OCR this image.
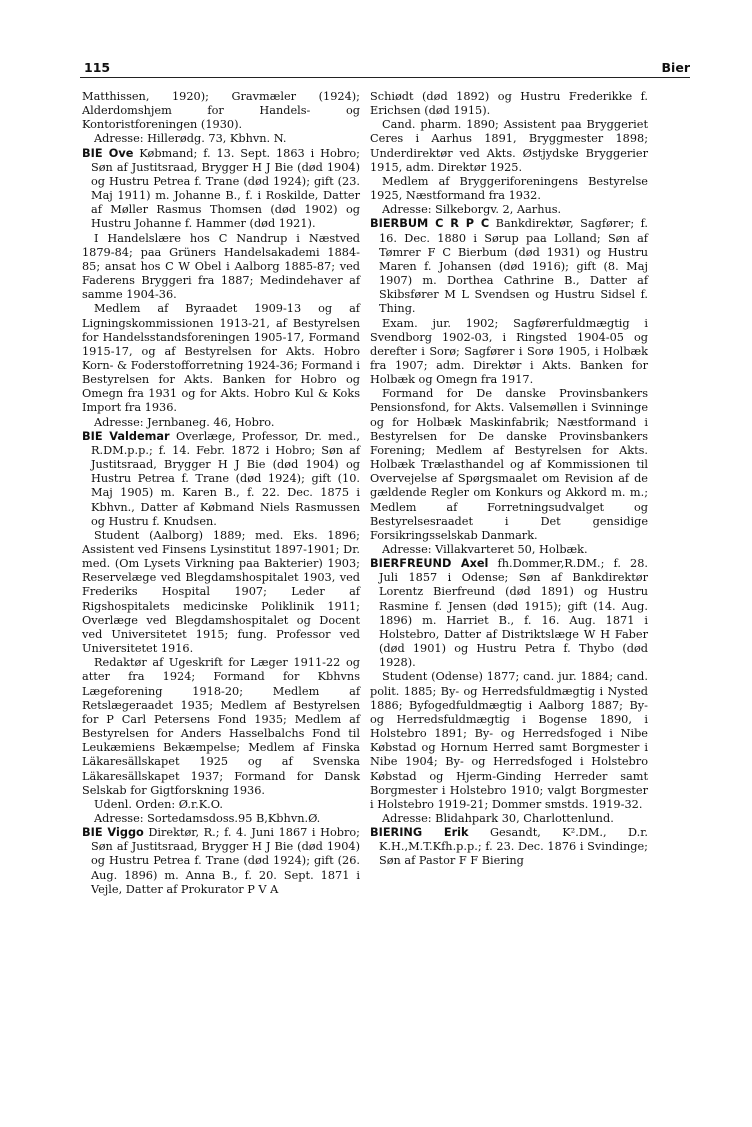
115	Bier

Matthissen, 1920); Gravmæler (1924); Alderdomshjem for Handels- og Kontoristforeningen (1930).

Adresse: Hillerødg. 73, Kbhvn. N.

BIE Ove Købmand; f. 13. Sept. 1863 i Hobro; Søn af Justitsraad, Brygger H J Bie (død 1904) og Hustru Petrea f. Trane (død 1924); gift (23. Maj 1911) m. Johanne B., f. i Roskilde, Datter af Møller Rasmus Thomsen (død 1902) og Hustru Johanne f. Hammer (død 1921).

I Handelslære hos C Nandrup i Næstved 1879-84; paa Grüners Handelsakademi 1884-85; ansat hos C W Obel i Aalborg 1885-87; ved Faderens Bryggeri fra 1887; Medindehaver af samme 1904-36.

Medlem af Byraadet 1909-13 og af Ligningskommissionen 1913-21, af Bestyrelsen for Handelsstandsforeningen 1905-17, Formand 1915-17, og af Bestyrelsen for Akts. Hobro Korn- & Foderstofforretning 1924-36; Formand i Bestyrelsen for Akts. Banken for Hobro og Omegn fra 1931 og for Akts. Hobro Kul & Koks Import fra 1936.

Adresse: Jernbaneg. 46, Hobro.

BIE Valdemar Overlæge, Professor, Dr. med., R.DM.p.p.; f. 14. Febr. 1872 i Hobro; Søn af Justitsraad, Brygger H J Bie (død 1904) og Hustru Petrea f. Trane (død 1924); gift (10. Maj 1905) m. Karen B., f. 22. Dec. 1875 i Kbhvn., Datter af Købmand Niels Rasmussen og Hustru f. Knudsen.

Student (Aalborg) 1889; med. Eks. 1896; Assistent ved Finsens Lysinstitut 1897-1901; Dr. med. (Om Lysets Virkning paa Bakterier) 1903; Reservelæge ved Blegdamshospitalet 1903, ved Frederiks Hospital 1907; Leder af Rigshospitalets medicinske Poliklinik 1911; Overlæge ved Blegdamshospitalet og Docent ved Universitetet 1915; fung. Professor ved Universitetet 1916.

Redaktør af Ugeskrift for Læger 1911-22 og atter fra 1924; Formand for Kbhvns Lægeforening 1918-20; Medlem af Retslægeraadet 1935; Medlem af Bestyrelsen for P Carl Petersens Fond 1935; Medlem af Bestyrelsen for Anders Hasselbalchs Fond til Leukæmiens Bekæmpelse; Medlem af Finska Läkaresällskapet 1925 og af Svenska Läkaresällskapet 1937; Formand for Dansk Selskab for Gigtforskning 1936.

Udenl. Orden: Ø.r.K.O.

Adresse: Sortedamsdoss.95 B,Kbhvn.Ø.

BIE Viggo Direktør, R.; f. 4. Juni 1867 i Hobro; Søn af Justitsraad, Brygger H J Bie (død 1904) og Hustru Petrea f. Trane (død 1924); gift (26. Aug. 1896) m. Anna B., f. 20. Sept. 1871 i Vejle, Datter af Prokurator P V A

Schiødt (død 1892) og Hustru Frederikke f. Erichsen (død 1915).

Cand. pharm. 1890; Assistent paa Bryggeriet Ceres i Aarhus 1891, Bryggmester 1898; Underdirektør ved Akts. Østjydske Bryggerier 1915, adm. Direktør 1925.

Medlem af Bryggeriforeningens Bestyrelse 1925, Næstformand fra 1932.

Adresse: Silkeborgv. 2, Aarhus.

BIERBUM C R P C Bankdirektør, Sagfører; f. 16. Dec. 1880 i Sørup paa Lolland; Søn af Tømrer F C Bierbum (død 1931) og Hustru Maren f. Johansen (død 1916); gift (8. Maj 1907) m. Dorthea Cathrine B., Datter af Skibsfører M L Svendsen og Hustru Sidsel f. Thing.

Exam. jur. 1902; Sagførerfuldmægtig i Svendborg 1902-03, i Ringsted 1904-05 og derefter i Sorø; Sagfører i Sorø 1905, i Holbæk fra 1907; adm. Direktør i Akts. Banken for Holbæk og Omegn fra 1917.

Formand for De danske Provinsbankers Pensionsfond, for Akts. Valsemøllen i Svinninge og for Holbæk Maskinfabrik; Næstformand i Bestyrelsen for De danske Provinsbankers Forening; Medlem af Bestyrelsen for Akts. Holbæk Trælasthandel og af Kommissionen til Overvejelse af Spørgsmaalet om Revision af de gældende Regler om Konkurs og Akkord m. m.; Medlem af Forretningsudvalget og Bestyrelsesraadet i Det gensidige Forsikringsselskab Danmark.

Adresse: Villakvarteret 50, Holbæk.

BIERFREUND Axel fh.Dommer,R.DM.; f. 28. Juli 1857 i Odense; Søn af Bankdirektør Lorentz Bierfreund (død 1891) og Hustru Rasmine f. Jensen (død 1915); gift (14. Aug. 1896) m. Harriet B., f. 16. Aug. 1871 i Holstebro, Datter af Distriktslæge W H Faber (død 1901) og Hustru Petra f. Thybo (død 1928).

Student (Odense) 1877; cand. jur. 1884; cand. polit. 1885; By- og Herredsfuldmægtig i Nysted 1886; Byfogedfuldmægtig i Aalborg 1887; By- og Herredsfuldmægtig i Bogense 1890, i Holstebro 1891; By- og Herredsfoged i Nibe Købstad og Hornum Herred samt Borgmester i Nibe 1904; By- og Herredsfoged i Holstebro Købstad og Hjerm-Ginding Herreder samt Borgmester i Holstebro 1910; valgt Borgmester i Holstebro 1919-21; Dommer smstds. 1919-32.

Adresse: Blidahpark 30, Charlottenlund.

BIERING Erik Gesandt, K².DM., D.r. K.H.,M.T.Kfh.p.p.; f. 23. Dec. 1876 i Svindinge; Søn af Pastor F F Biering
